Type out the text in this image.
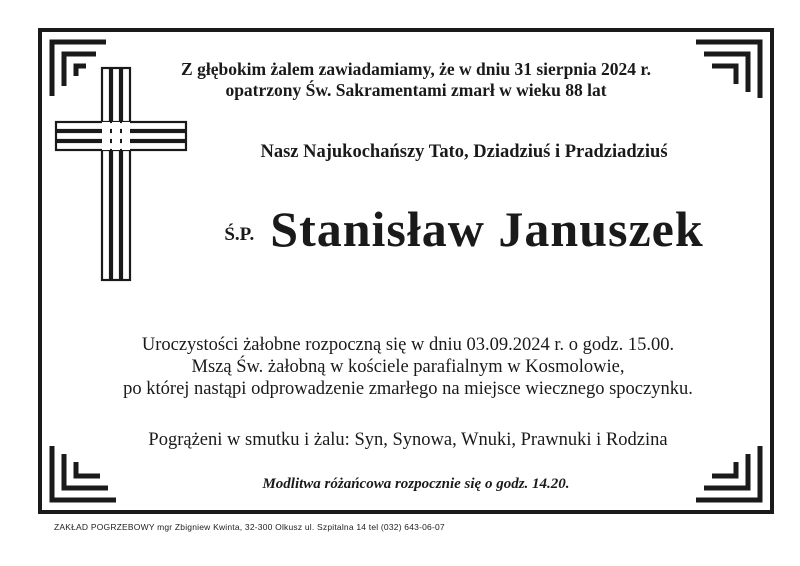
Z głębokim żalem zawiadamiamy, że w dniu 31 sierpnia 2024 r.
opatrzony Św. Sakramentami zmarł w wieku 88 lat
Nasz Najukochańszy Tato, Dziadziuś i Pradziadziuś
Ś.P. Stanisław Januszek
Uroczystości żałobne rozpoczną się w dniu 03.09.2024 r. o godz. 15.00.
Mszą Św. żałobną w kościele parafialnym w Kosmolowie,
po której nastąpi odprowadzenie zmarłego na miejsce wiecznego spoczynku.
Pogrążeni w smutku i żalu: Syn, Synowa, Wnuki, Prawnuki i Rodzina
Modlitwa różańcowa rozpocznie się o godz. 14.20.
ZAKŁAD POGRZEBOWY mgr Zbigniew Kwinta, 32-300 Olkusz ul. Szpitalna 14 tel (032) 643-06-07
